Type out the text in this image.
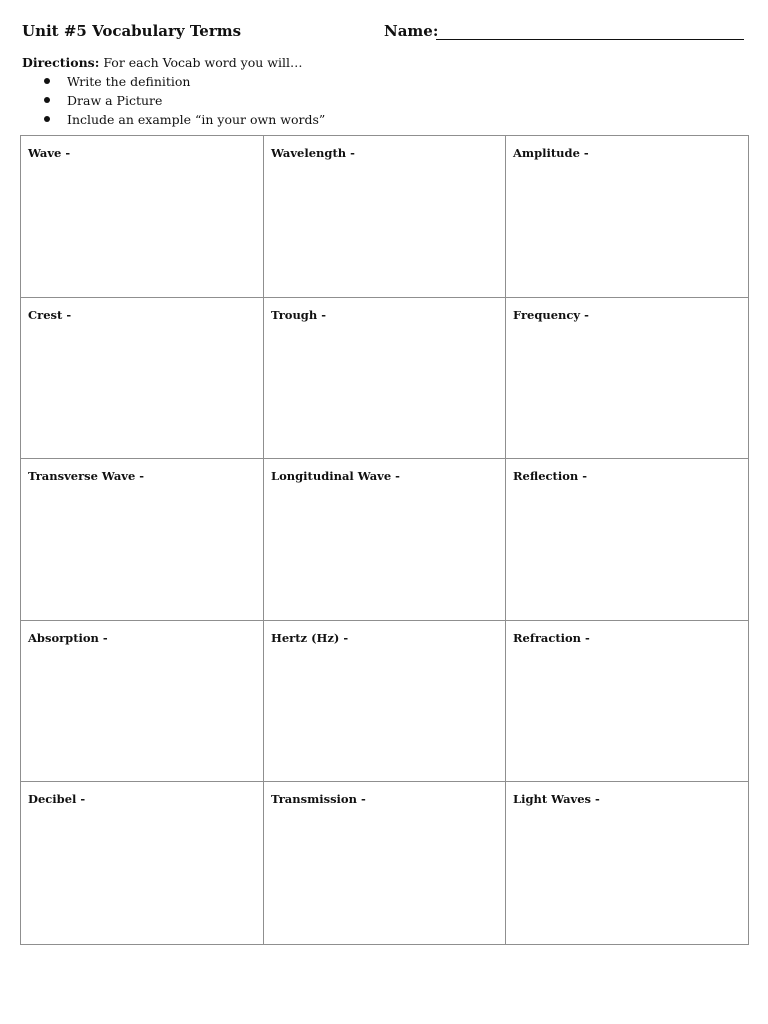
Unit #5 Vocabulary Terms	Name:
Directions: For each Vocab word you will…
Write the definition
Draw a Picture
Include an example “in your own words”
Wave -	Wavelength -	Amplitude -
Crest -	Trough -	Frequency -
Transverse Wave -	Longitudinal Wave -	Reflection -
Absorption -	Hertz (Hz) -	Refraction -
Decibel -	Transmission -	Light Waves -
